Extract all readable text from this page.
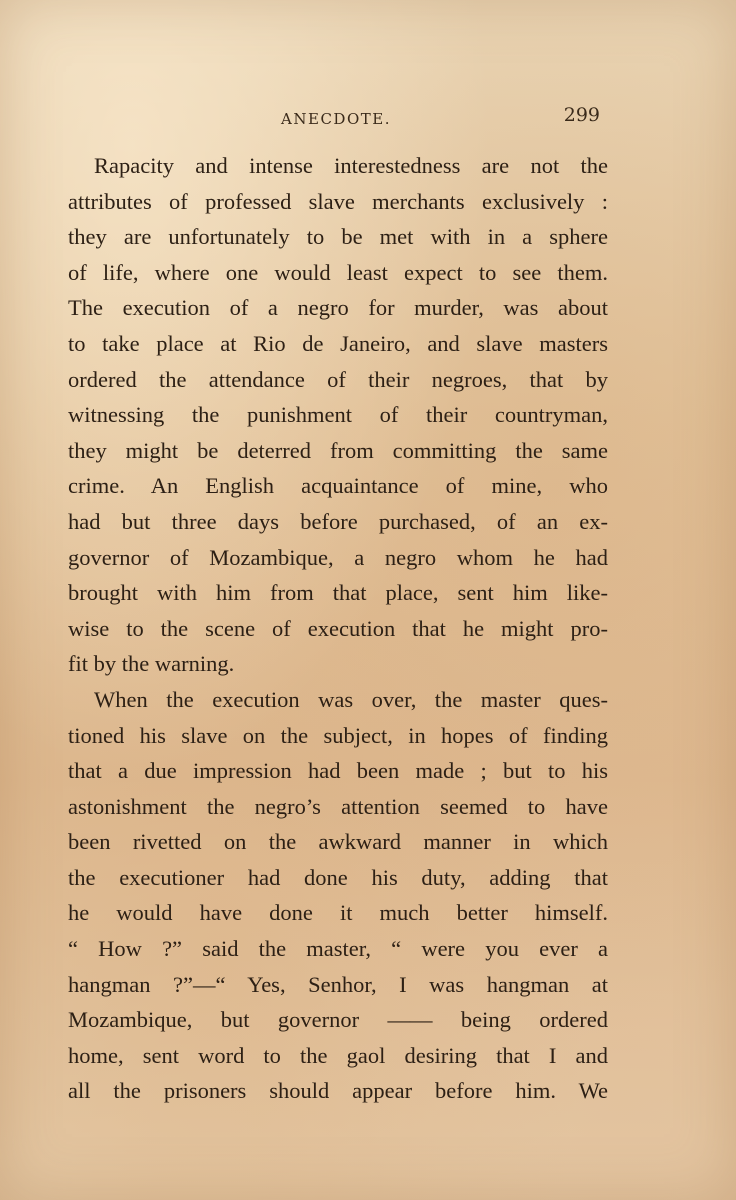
ANECDOTE.	299
Rapacity and intense interestedness are not the
attributes of professed slave merchants exclusively :
they are unfortunately to be met with in a sphere
of life, where one would least expect to see them.
The execution of a negro for murder, was about
to take place at Rio de Janeiro, and slave masters
ordered the attendance of their negroes, that by
witnessing the punishment of their countryman,
they might be deterred from committing the same
crime. An English acquaintance of mine, who
had but three days before purchased, of an ex-
governor of Mozambique, a negro whom he had
brought with him from that place, sent him like-
wise to the scene of execution that he might pro-
fit by the warning.
When the execution was over, the master ques-
tioned his slave on the subject, in hopes of finding
that a due impression had been made ; but to his
astonishment the negro’s attention seemed to have
been rivetted on the awkward manner in which
the executioner had done his duty, adding that
he would have done it much better himself.
“ How ?” said the master, “ were you ever a
hangman ?”—“ Yes, Senhor, I was hangman at
Mozambique, but governor —— being ordered
home, sent word to the gaol desiring that I and
all the prisoners should appear before him. We
